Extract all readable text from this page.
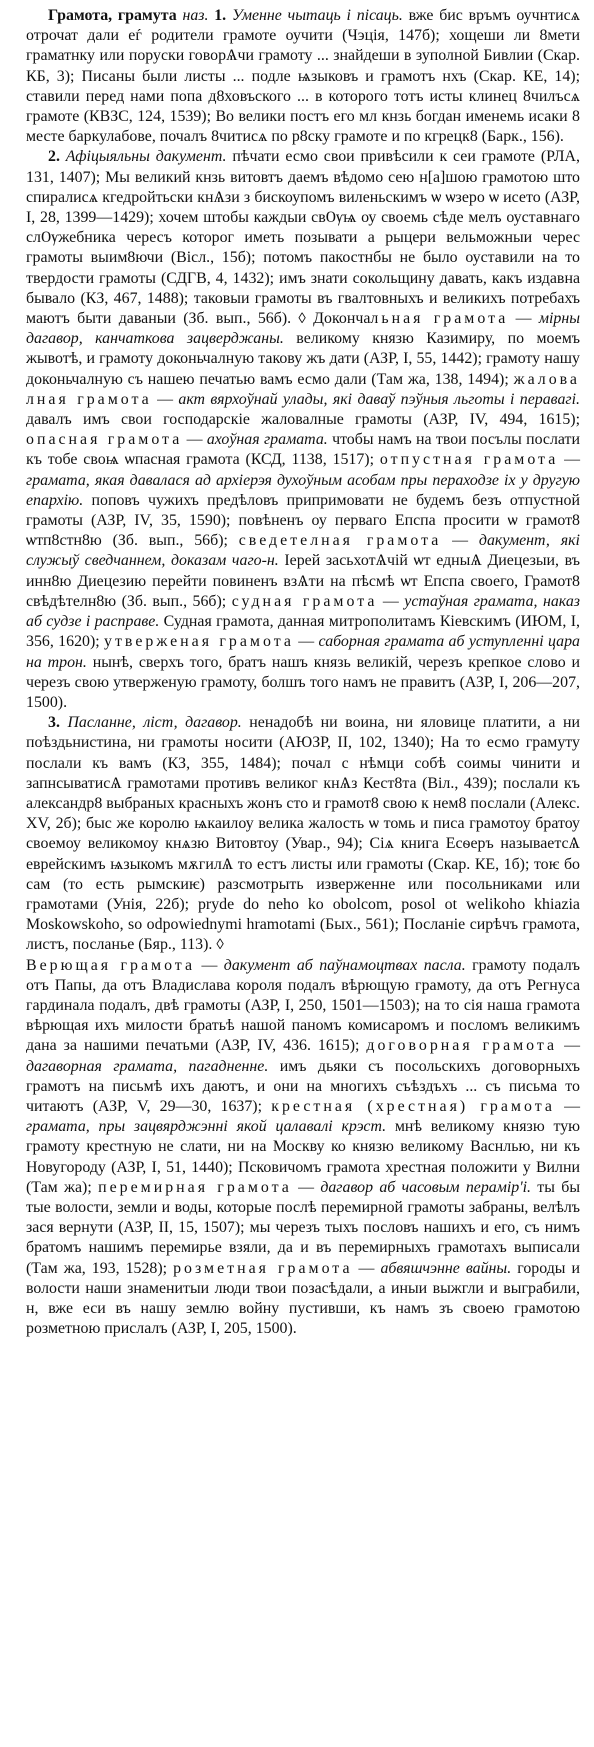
Грамота, грамута наз. 1. Уменне чытаць і пісаць. вже бис връмъ оучнтисѧ отрочат дали еѓ родители грамоте оучити (Чэція, 147б); хощеши ли 8мети граматнку или поруски говорѦчи грамоту ... знайдеши в зуполной Бивлии (Скар. КБ, 3); Писаны были листы ... подле ѩзыковъ и грамотъ нхъ (Скар. КЕ, 14); ставили перед нами попа д8ховъского ... в которого тотъ исты клинец 8чилъсѧ грамоте (КВЗС, 124, 1539); Во велики постъ его мл кнзь богдан именемь исаки 8 месте баркулабове, почалъ 8читисѧ по р8ску грамоте и по кгрецк8 (Барк., 156).

2. Афіцыяльны дакумент. пѣчати есмо свои привѣсили к сеи грамоте (РЛА, 131, 1407); Мы великий кнзь витовтъ даемъ вѣдомо сею н[а]шою грамотою што спиралисѧ кгедройтьски кнѦзи з бискоупомъ виленьскимъ ѡ ѡзеро ѡ исето (АЗР, I, 28, 1399—1429); хочем штобы каждыи свѸѩ оу своемь сѣде мелъ оуставнаго слѸжебника чересъ которог иметь позывати а рыцери вельможныи черес грамоты выим8ючи (Вісл., 15б); потомъ пакостнбы не было оуставили на то твердости грамоты (СДГВ, 4, 1432); имъ знати сокольщину давать, какъ издавна бывало (КЗ, 467, 1488); таковыи грамоты въ гвалтовныхъ и великихъ потребахъ маютъ быти даваныи (Зб. вып., 56б). ◊ Докончальная грамота — мірны дагавор, канчаткова зацверджаны. великому князю Казимиру, по моемъ жывотѣ, и грамоту доконьчалную такову жъ дати (АЗР, I, 55, 1442); грамоту нашу доконьчалную съ нашею печатью вамъ есмо дали (Там жа, 138, 1494); жалова лная грамота — акт вярхоўнай улады, які даваў пэўныя льготы і перавагі. давалъ имъ свои господарскіе жаловалные грамоты (АЗР, IV, 494, 1615); опасная грамота — ахоўная грамата. чтобы намъ на твои посълы послати къ тобе своѩ ѡпасная грамота (КСД, 1138, 1517); отпустная грамота — грамата, якая давалася ад архіерэя духоўным асобам пры пераходзе іх у другую епархію. поповъ чужихъ предѣловъ припримовати не будемъ безъ отпустной грамоты (АЗР, IV, 35, 1590); повѣненъ оу перваго Епспа просити ѡ грамот8 ѡтп8стн8ю (Зб. вып., 56б); сведетелная грамота — дакумент, які служыў сведчаннем, доказам чаго-н. Iерей засьхотѦчій ѡт едныѦ Диецезыи, въ инн8ю Диецезию перейти повиненъ взѦти на пѣсмѣ ѡт Епспа своего, Грамот8 свѣдѣтелн8ю (Зб. вып., 56б); судная грамота — устаўная грамата, наказ аб судзе і расправе. Судная грамота, данная митрополитамъ Кіевскимъ (ИЮМ, I, 356, 1620); утверженая грамота — саборная грамата аб уступленні цара на трон. нынѣ, сверхъ того, братъ нашъ князь великій, черезъ крепкое слово и черезъ свою утверженую грамоту, болшъ того намъ не правитъ (АЗР, I, 206—207, 1500).

3. Пасланне, ліст, дагавор. ненадобѣ ни воина, ни яловице платити, а ни поѣздьнистина, ни грамоты носити (АЮЗР, II, 102, 1340); На то есмо грамуту послали къ вамъ (КЗ, 355, 1484); почал с нѣмци собѣ соимы чинити и запнсыватисѦ грамотами противъ великог кнѦз Кест8та (Віл., 439); послали къ александр8 выбраных красныхъ жонъ сто и грамот8 свою к нем8 послали (Алекс. XV, 2б); быс же королю ѩкаилоу велика жалость ѡ томь и писа грамотоу братоу своемоу великомоу кнѧзю Витовтоу (Увар., 94); Сіѧ книга Есѳеръ называетсѦ еврейскимъ ѩзыкомъ мѫгилѦ то естъ листы или грамоты (Скар. КЕ, 1б); тоѥ бо сам (то есть рымскиѥ) разсмотрыть изверженне или посольниками или грамотами (Унія, 22б); pryde do neho ko obolcom, posol ot welikoho khiazia Moskowskoho, so odpowiednymi hramotami (Бых., 561); Посланіе сирѣчъ грамота, листъ, посланье (Бяр., 113). ◊

Верющая грамота — дакумент аб паўнамоцтвах пасла. грамоту подалъ отъ Папы, да отъ Владислава короля подалъ вѣрющую грамоту, да отъ Регнуса гардинала подалъ, двѣ грамоты (АЗР, I, 250, 1501—1503); на то сія наша грамота вѣрющая ихъ милости братьѣ нашой паномъ комисаромъ и посломъ великимъ дана за нашими печатьми (АЗР, IV, 436. 1615); договорная грамота — дагаворная грамата, пагадненне. имъ дьяки съ посольскихъ договорныхъ грамотъ на письмѣ ихъ даютъ, и они на многихъ съѣздъхъ ... съ письма то читаютъ (АЗР, V, 29—30, 1637); крестная (хрестная) грамота — грамата, пры зацвярджэнні якой цалавалі крэст. мнѣ великому князю тую грамоту крестную не слати, ни на Москву ко князю великому Васнлью, ни къ Новугороду (АЗР, I, 51, 1440); Псковичомъ грамота хрестная положити у Вилни (Там жа); перемирная грамота — дагавор аб часовым перамір'і. ты бы тые волости, земли и воды, которые послѣ перемирной грамоты забраны, велѣлъ зася вернути (АЗР, II, 15, 1507); мы черезъ тыхъ пословъ нашихъ и его, съ нимъ братомъ нашимъ перемирье взяли, да и въ перемирныхъ грамотахъ выписали (Там жа, 193, 1528); розметная грамота — абвяшчэнне вайны. городы и волости наши знаменитыи люди твои позасѣдали, а иныи выжгли и выграбили, н, вже еси въ нашу землю войну пустивши, къ намъ зъ своею грамотою розметною прислалъ (АЗР, I, 205, 1500).
